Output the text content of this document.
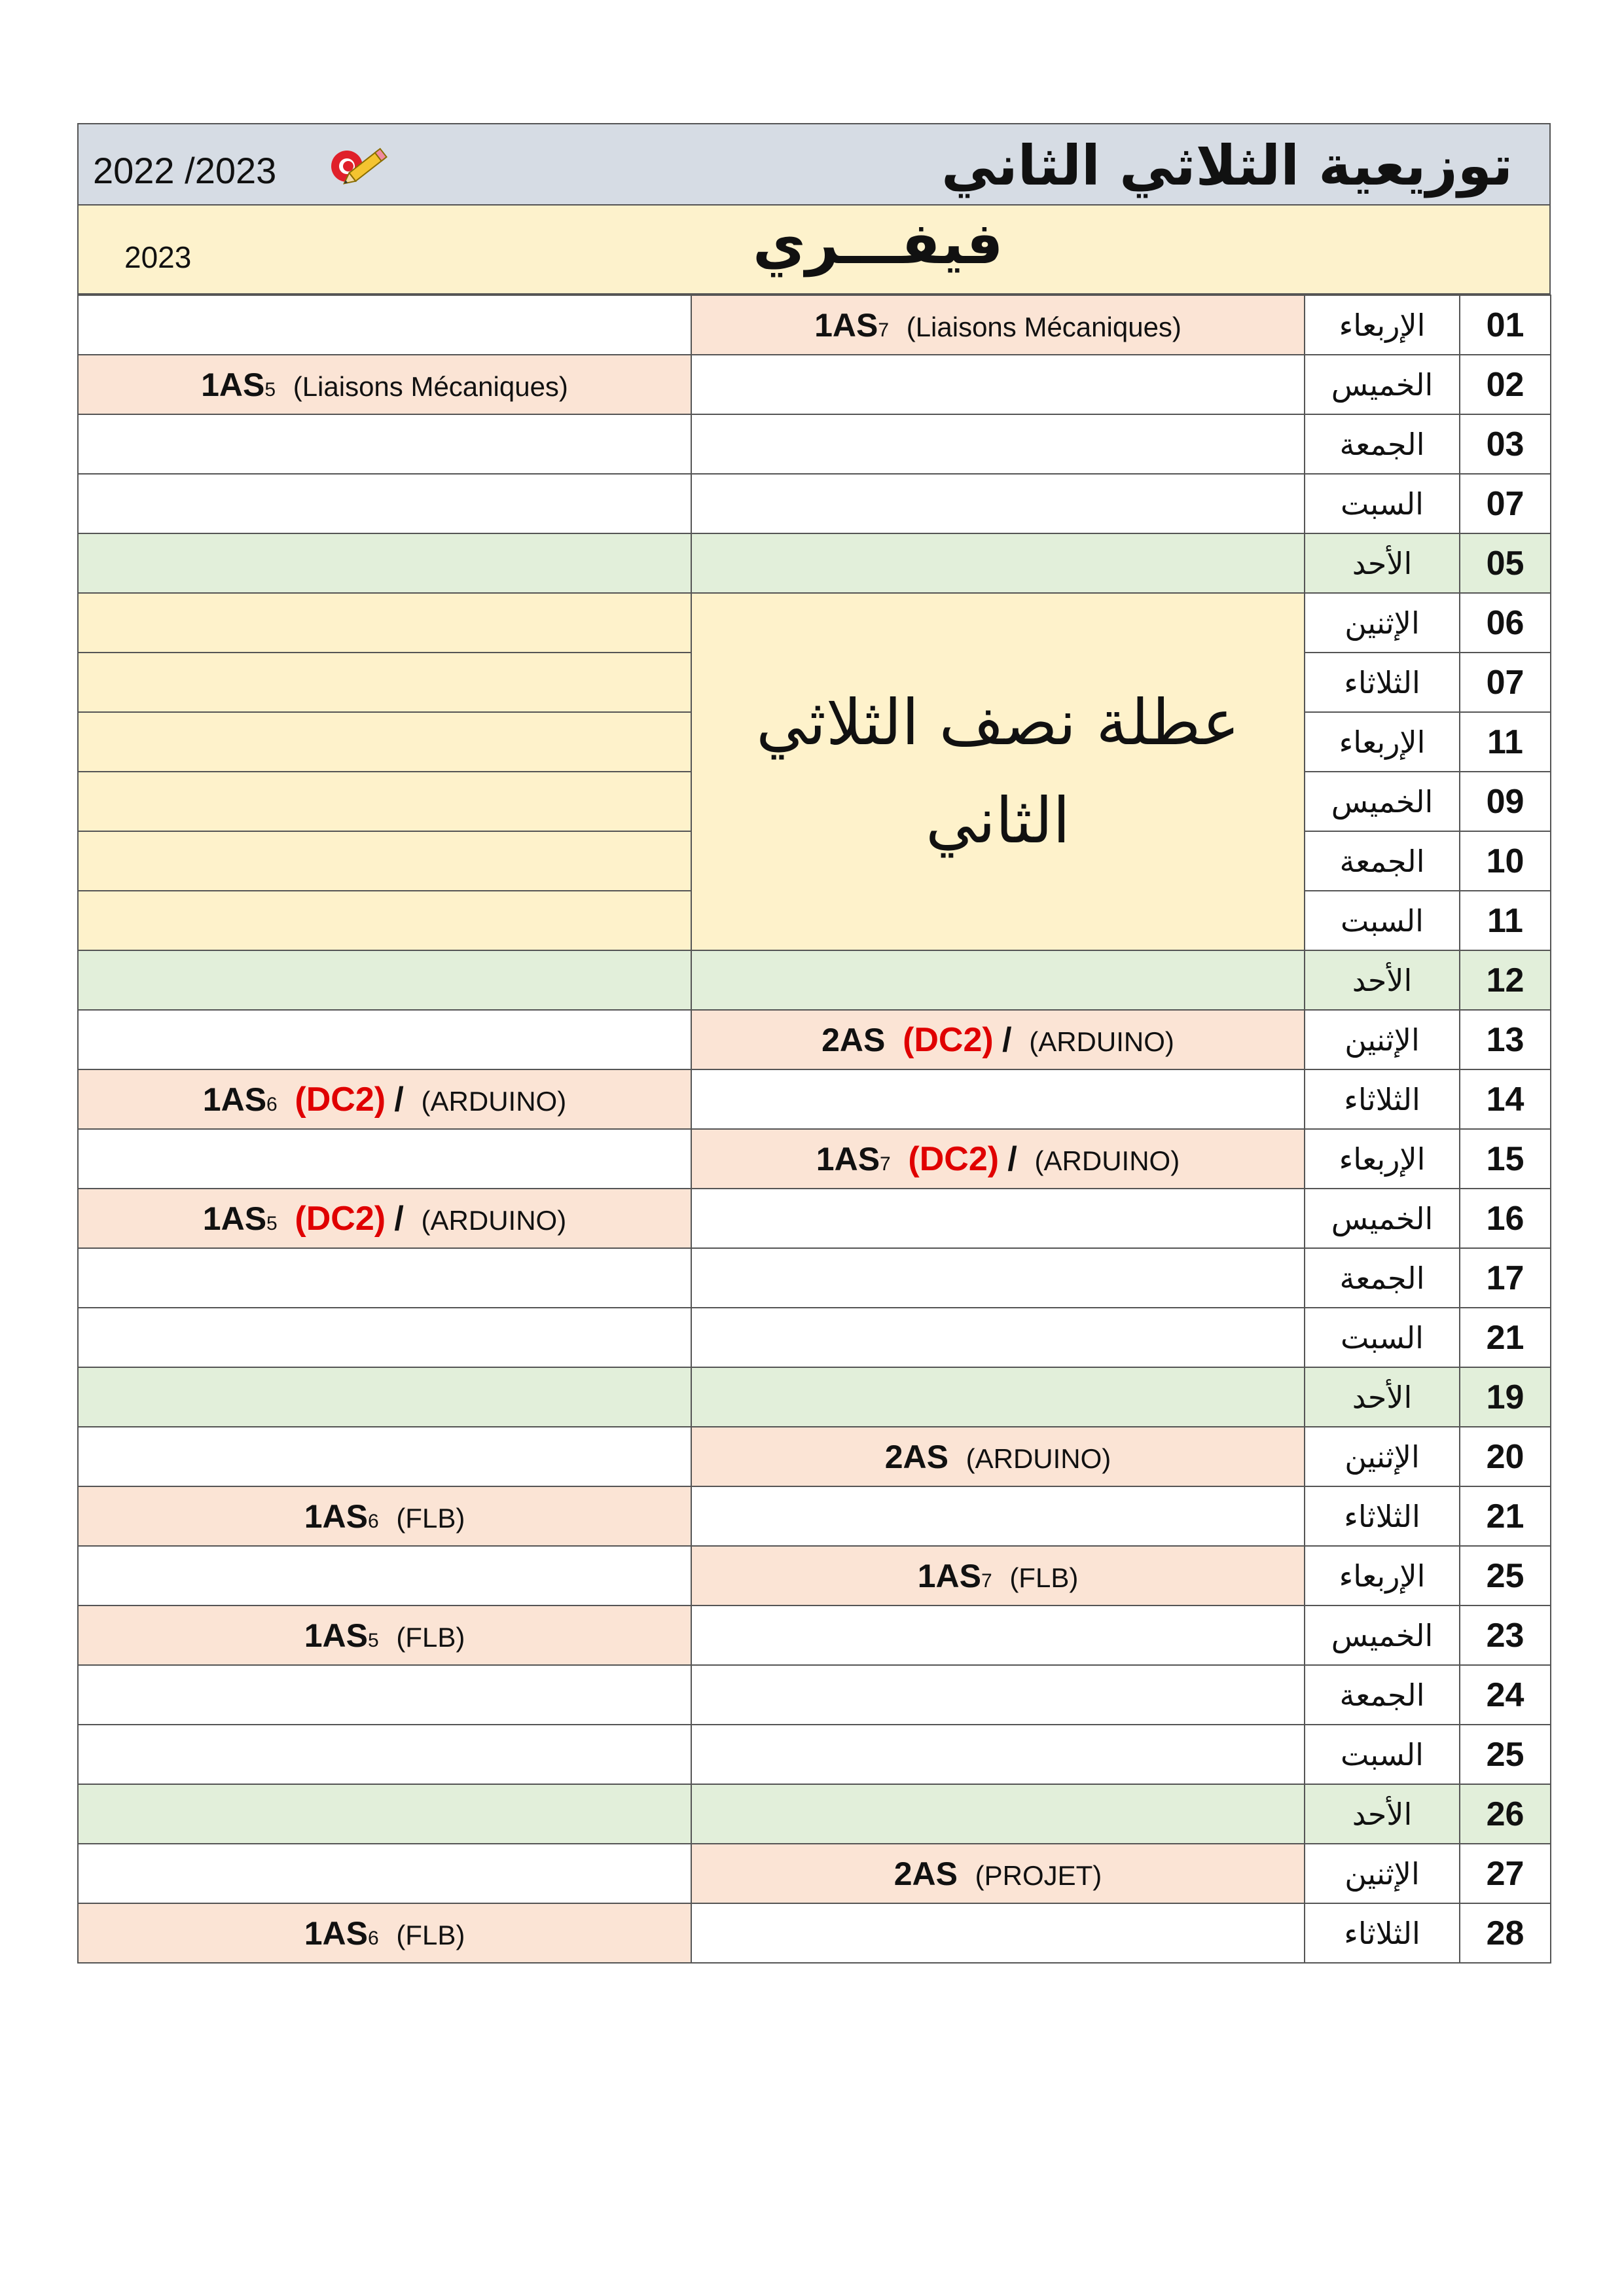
2022 /2023	توزيعية الثلاثي الثاني
2023	فيفـــري
	1AS7 (Liaisons Mécaniques)	الإربعاء	01
1AS5 (Liaisons Mécaniques)		الخميس	02
		الجمعة	03
		السبت	07
		الأحد	05
	عطلة نصف الثلاثي الثاني	الإثنين	06
		الثلاثاء	07
		الإربعاء	11
		الخميس	09
		الجمعة	10
		السبت	11
		الأحد	12
	2AS (DC2) / (ARDUINO)	الإثنين	13
1AS6 (DC2) / (ARDUINO)		الثلاثاء	14
	1AS7 (DC2) / (ARDUINO)	الإربعاء	15
1AS5 (DC2) / (ARDUINO)		الخميس	16
		الجمعة	17
		السبت	21
		الأحد	19
	2AS (ARDUINO)	الإثنين	20
1AS6 (FLB)		الثلاثاء	21
	1AS7 (FLB)	الإربعاء	25
1AS5 (FLB)		الخميس	23
		الجمعة	24
		السبت	25
		الأحد	26
	2AS (PROJET)	الإثنين	27
1AS6 (FLB)		الثلاثاء	28
